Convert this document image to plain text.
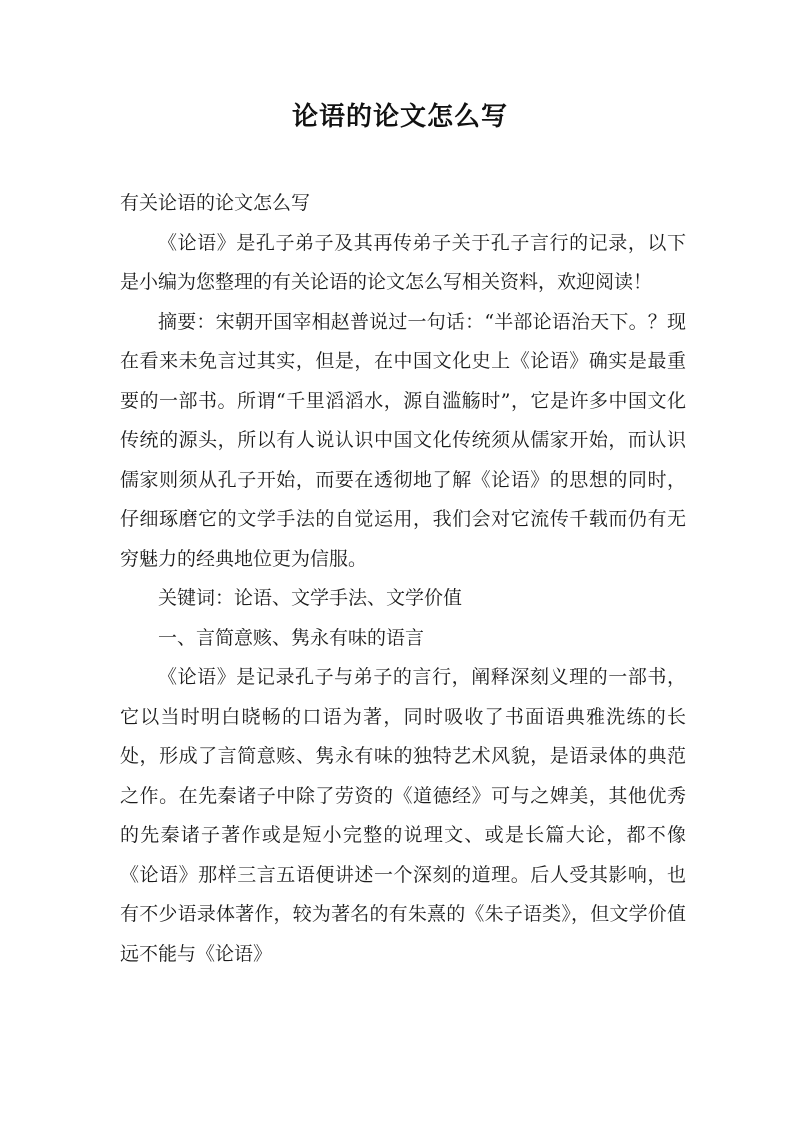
论语的论文怎么写

有关论语的论文怎么写

《论语》是孔子弟子及其再传弟子关于孔子言行的记录，以下是小编为您整理的有关论语的论文怎么写相关资料，欢迎阅读！

摘要：宋朝开国宰相赵普说过一句话：“半部论语治天下。？现在看来未免言过其实，但是，在中国文化史上《论语》确实是最重要的一部书。所谓“千里滔滔水，源自滥觞时”，它是许多中国文化传统的源头，所以有人说认识中国文化传统须从儒家开始，而认识儒家则须从孔子开始，而要在透彻地了解《论语》的思想的同时，仔细琢磨它的文学手法的自觉运用，我们会对它流传千载而仍有无穷魅力的经典地位更为信服。

关键词：论语、文学手法、文学价值

一、言简意赅、隽永有味的语言

《论语》是记录孔子与弟子的言行，阐释深刻义理的一部书，它以当时明白晓畅的口语为著，同时吸收了书面语典雅洗练的长处，形成了言简意赅、隽永有味的独特艺术风貌，是语录体的典范之作。在先秦诸子中除了劳资的《道德经》可与之婢美，其他优秀的先秦诸子著作或是短小完整的说理文、或是长篇大论，都不像《论语》那样三言五语便讲述一个深刻的道理。后人受其影响，也有不少语录体著作，较为著名的有朱熹的《朱子语类》，但文学价值远不能与《论语》
